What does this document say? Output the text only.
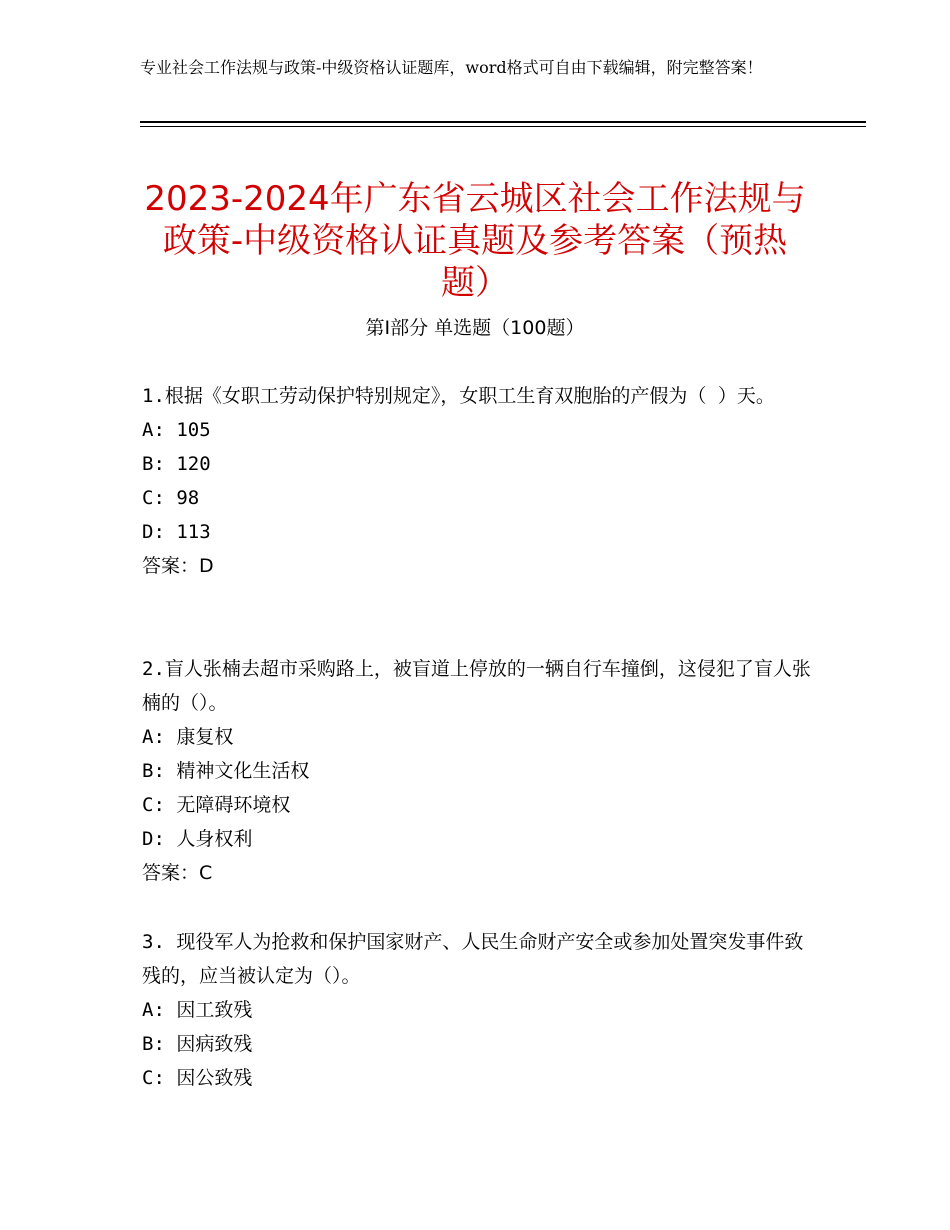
专业社会工作法规与政策-中级资格认证题库，word格式可自由下载编辑，附完整答案！
2023-2024年广东省云城区社会工作法规与政策-中级资格认证真题及参考答案（预热题）
第Ⅰ部分 单选题（100题）
1.根据《女职工劳动保护特别规定》，女职工生育双胞胎的产假为（ ）天。
A: 105
B: 120
C: 98
D: 113
答案：D
2.盲人张楠去超市采购路上，被盲道上停放的一辆自行车撞倒，这侵犯了盲人张楠的（）。
A: 康复权
B: 精神文化生活权
C: 无障碍环境权
D: 人身权利
答案：C
3. 现役军人为抢救和保护国家财产、人民生命财产安全或参加处置突发事件致残的，应当被认定为（）。
A: 因工致残
B: 因病致残
C: 因公致残
